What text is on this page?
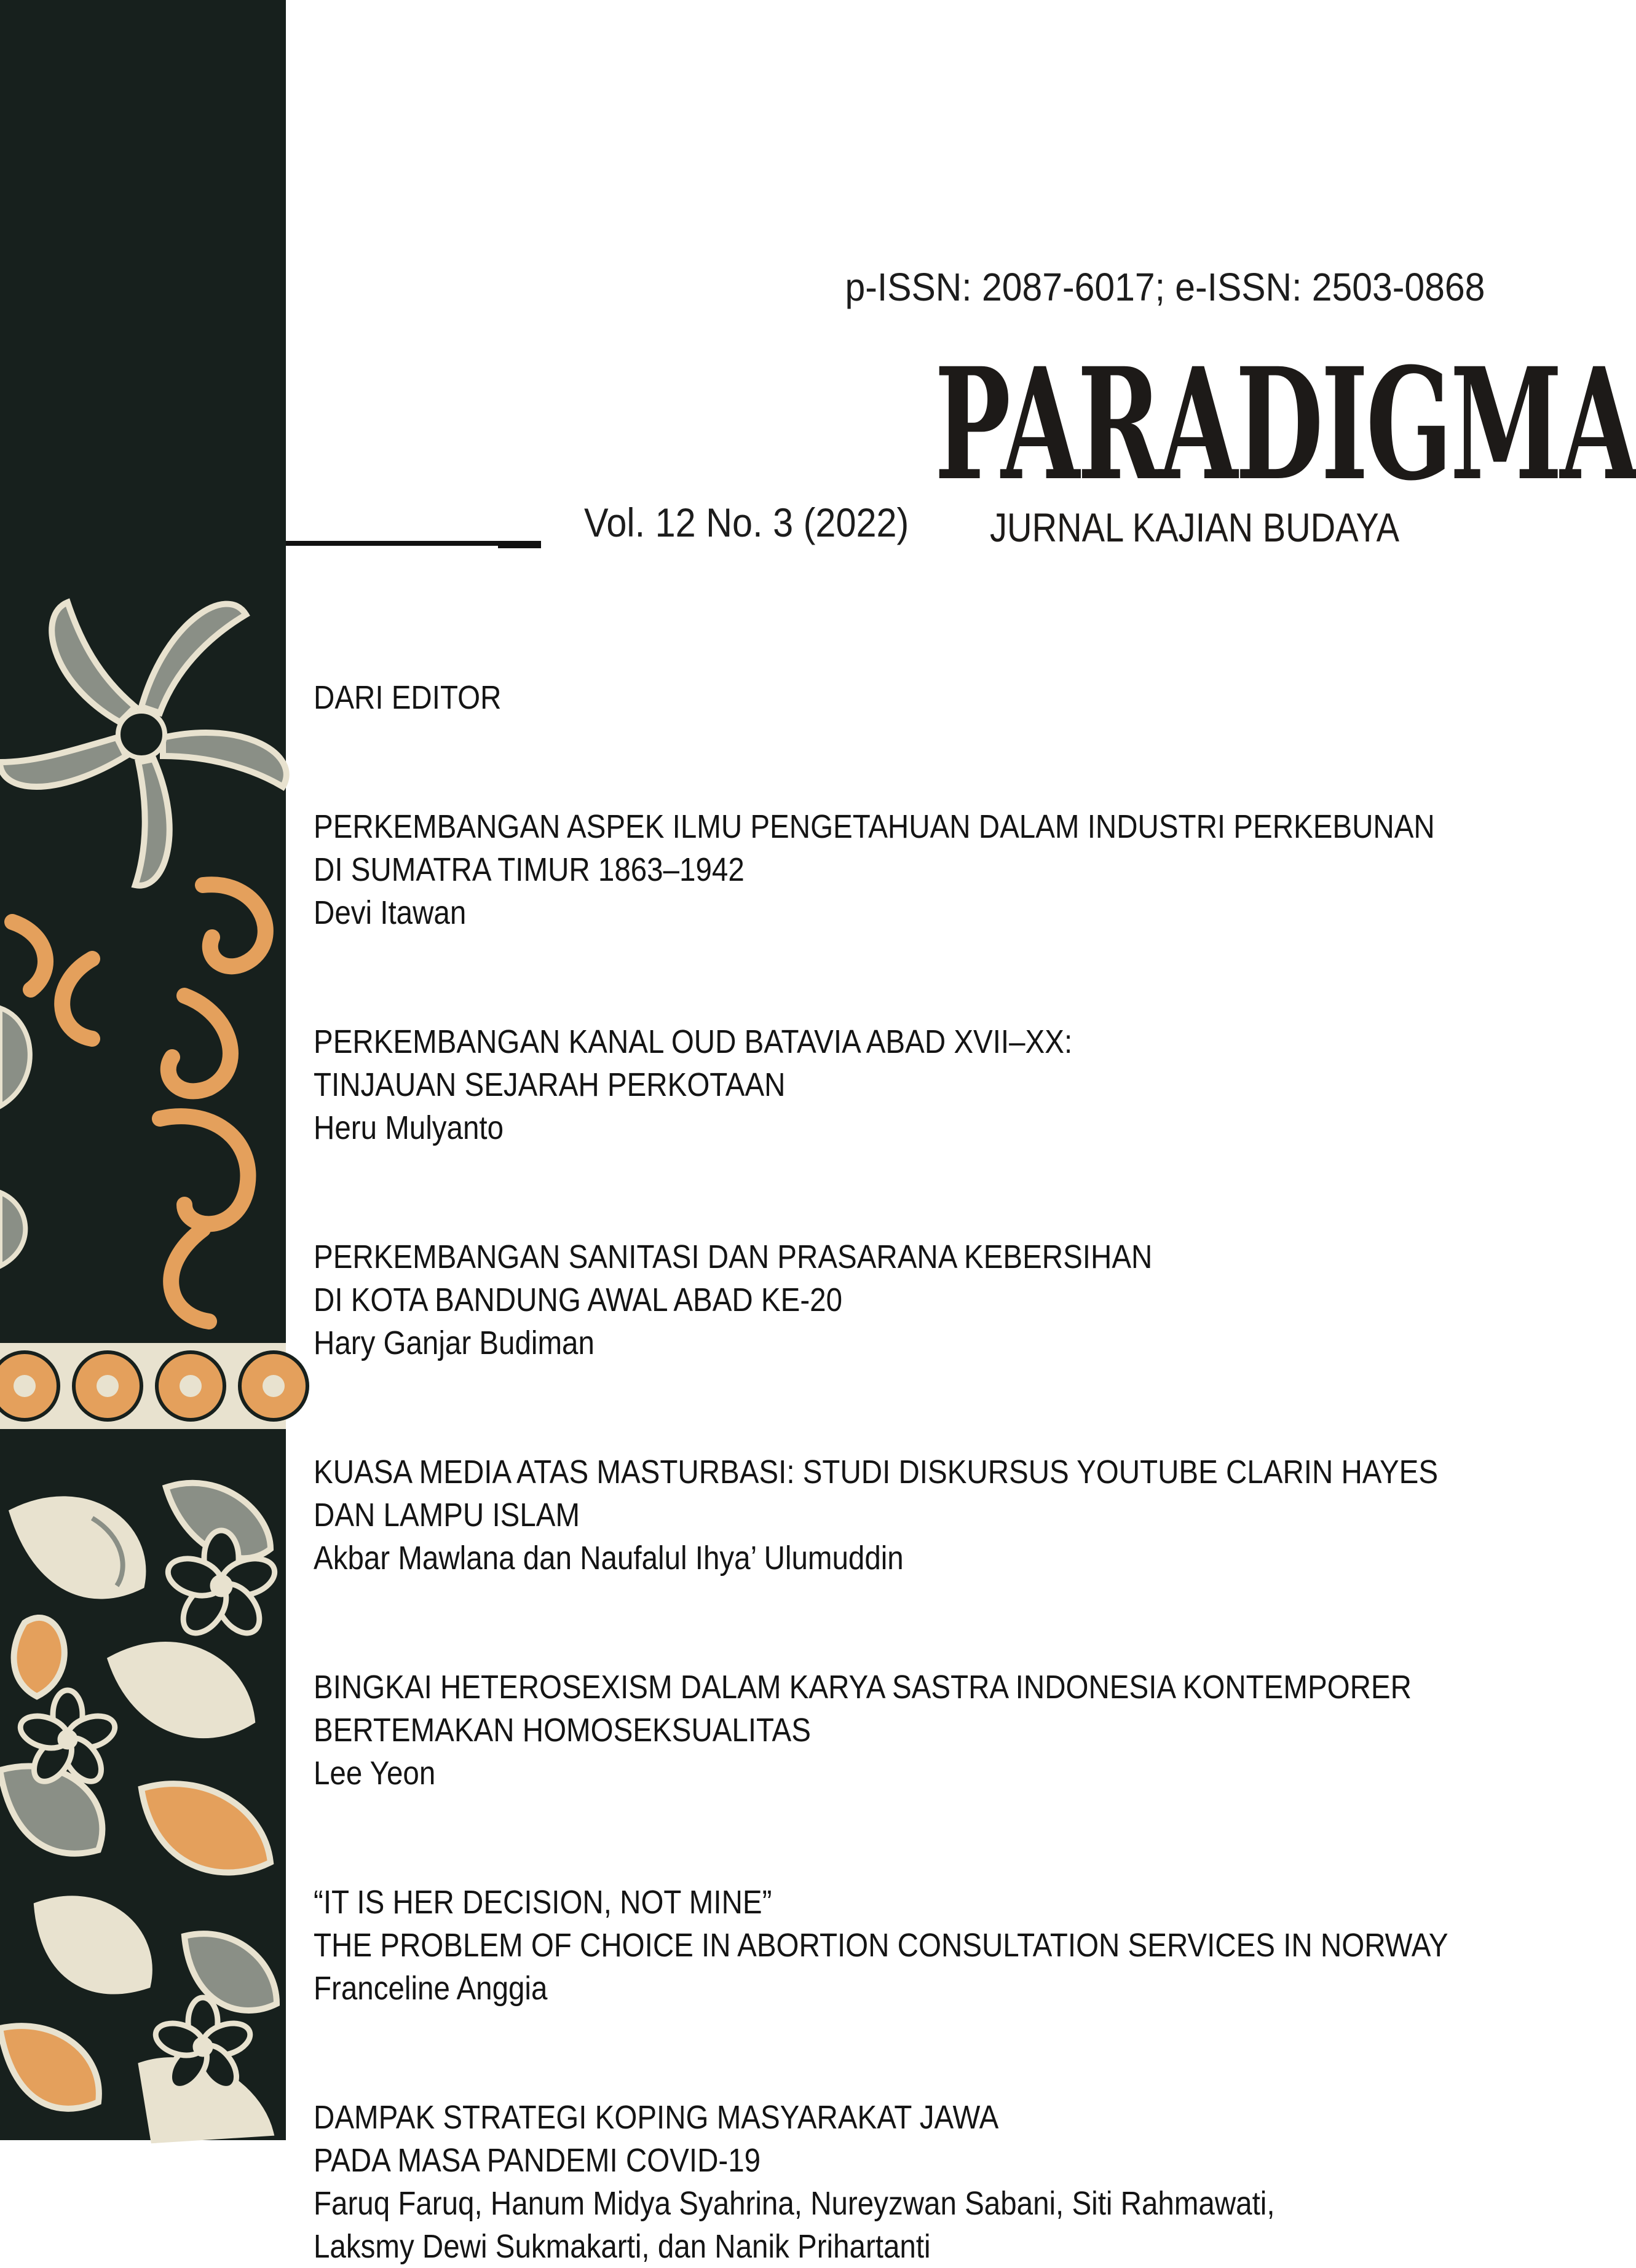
p-ISSN: 2087-6017; e-ISSN: 2503-0868
PARADIGMA
JURNAL KAJIAN BUDAYA
Vol. 12 No. 3 (2022)
DARI EDITOR
PERKEMBANGAN ASPEK ILMU PENGETAHUAN DALAM INDUSTRI PERKEBUNAN
DI SUMATRA TIMUR 1863–1942
Devi Itawan
PERKEMBANGAN KANAL OUD BATAVIA ABAD XVII–XX:
TINJAUAN SEJARAH PERKOTAAN
Heru Mulyanto
PERKEMBANGAN SANITASI DAN PRASARANA KEBERSIHAN
DI KOTA BANDUNG AWAL ABAD KE-20
Hary Ganjar Budiman
KUASA MEDIA ATAS MASTURBASI: STUDI DISKURSUS YOUTUBE CLARIN HAYES
DAN LAMPU ISLAM
Akbar Mawlana dan Naufalul Ihya’ Ulumuddin
BINGKAI HETEROSEXISM DALAM KARYA SASTRA INDONESIA KONTEMPORER
BERTEMAKAN HOMOSEKSUALITAS
Lee Yeon
“IT IS HER DECISION, NOT MINE”
THE PROBLEM OF CHOICE IN ABORTION CONSULTATION SERVICES IN NORWAY
Franceline Anggia
DAMPAK STRATEGI KOPING MASYARAKAT JAWA
PADA MASA PANDEMI COVID-19
Faruq Faruq, Hanum Midya Syahrina, Nureyzwan Sabani, Siti Rahmawati,
Laksmy Dewi Sukmakarti, dan Nanik Prihartanti
